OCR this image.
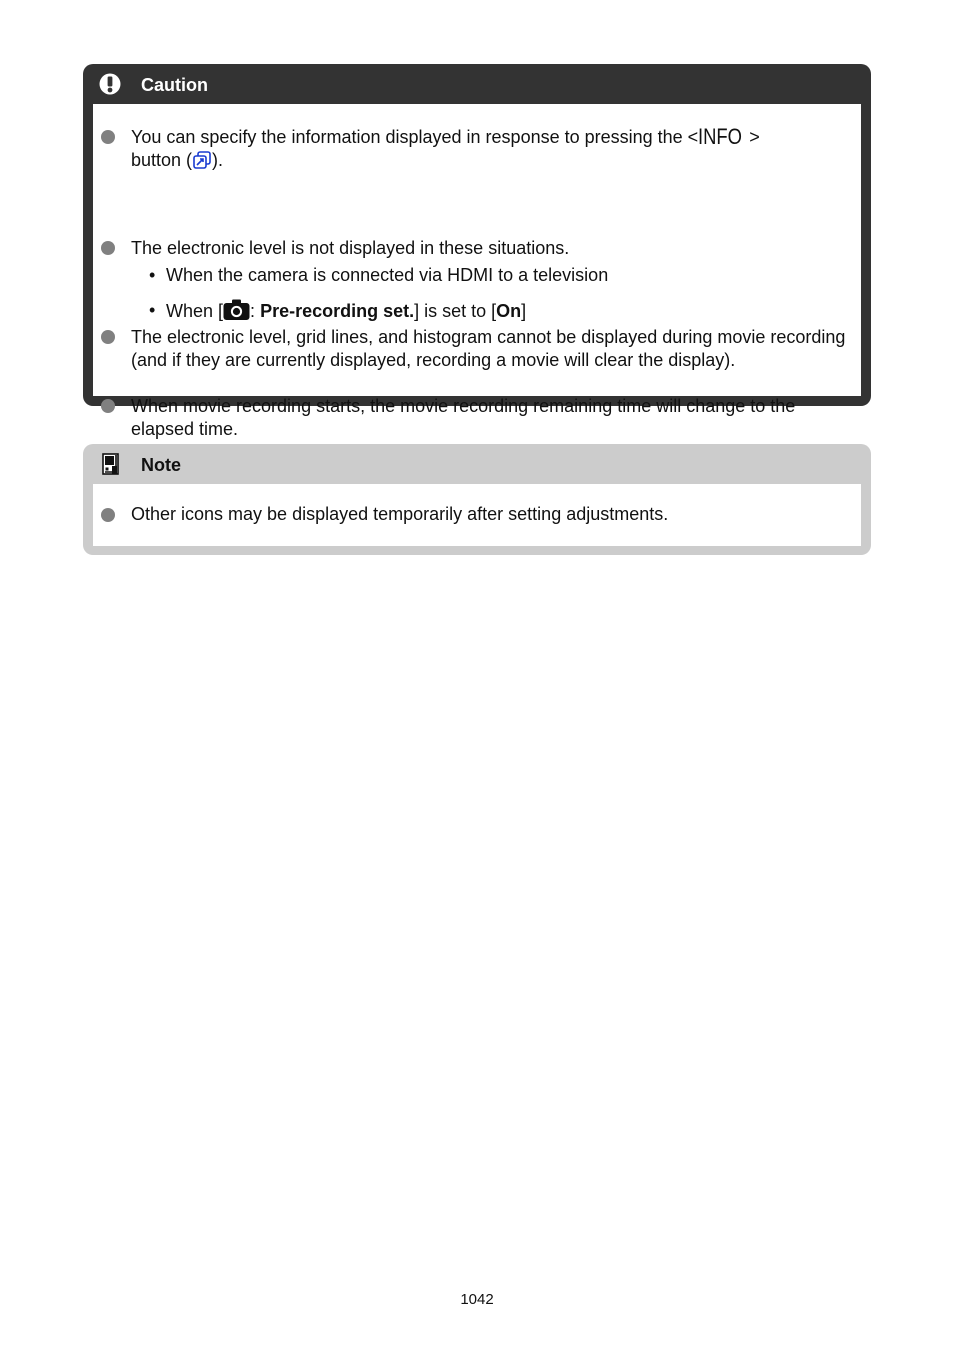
Caution
You can specify the information displayed in response to pressing the < INFO >
button ( ).
The electronic level is not displayed in these situations.
• When the camera is connected via HDMI to a television
• When [ : Pre-recording set.] is set to [On]
The electronic level, grid lines, and histogram cannot be displayed during movie recording (and if they are currently displayed, recording a movie will clear the display).
When movie recording starts, the movie recording remaining time will change to the elapsed time.
Note
Other icons may be displayed temporarily after setting adjustments.
1042
